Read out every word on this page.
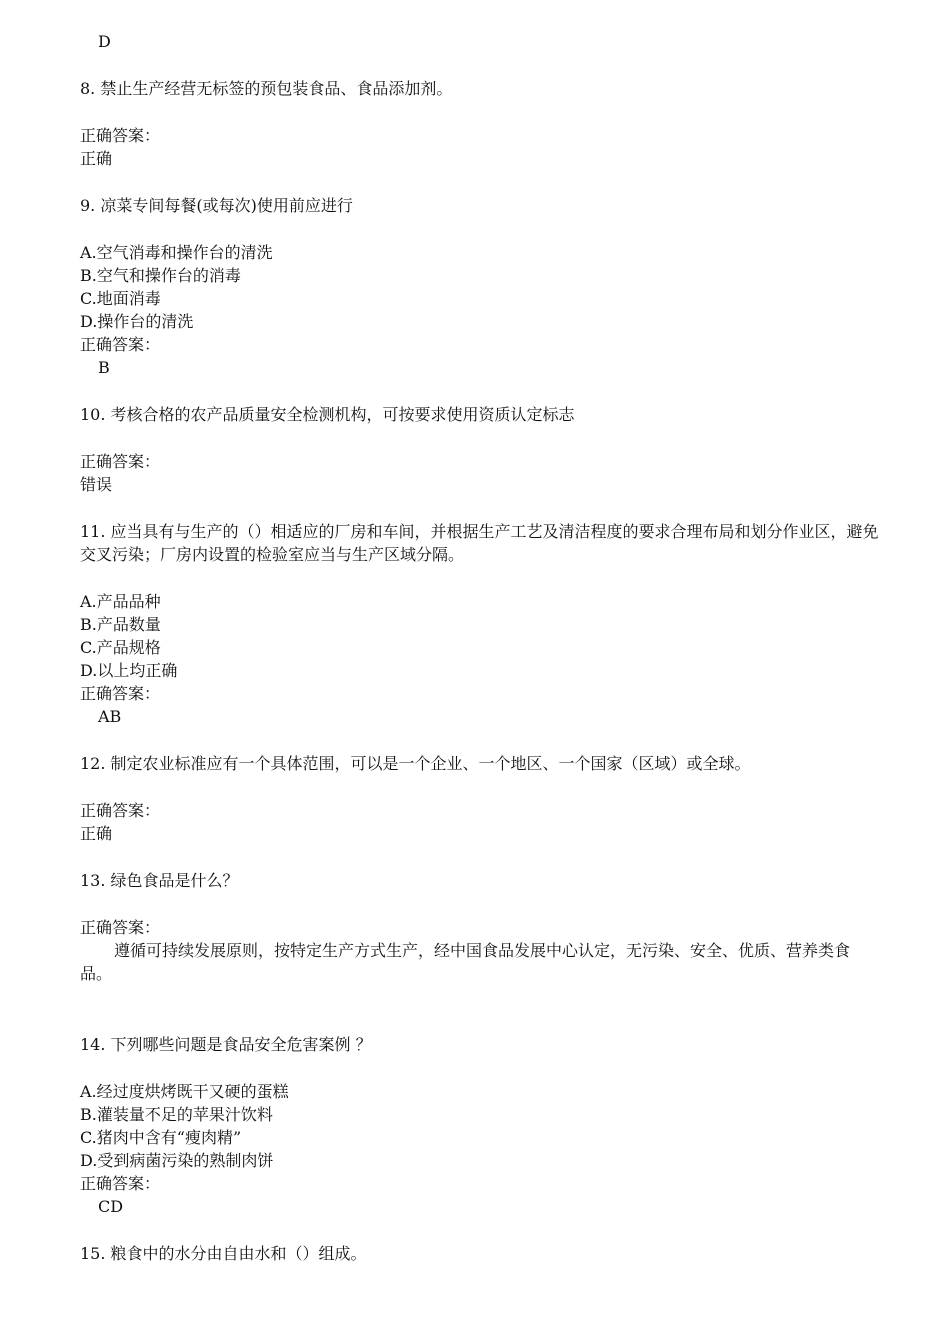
D

8. 禁止生产经营无标签的预包装食品、食品添加剂。

正确答案：

正确

9. 凉菜专间每餐(或每次)使用前应进行

A.空气消毒和操作台的清洗

B.空气和操作台的消毒

C.地面消毒

D.操作台的清洗

正确答案：

B

10. 考核合格的农产品质量安全检测机构，可按要求使用资质认定标志

正确答案：

错误

11. 应当具有与生产的（）相适应的厂房和车间，并根据生产工艺及清洁程度的要求合理布局和划分作业区，避免交叉污染；厂房内设置的检验室应当与生产区域分隔。

A.产品品种

B.产品数量

C.产品规格

D.以上均正确

正确答案：

AB

12. 制定农业标准应有一个具体范围，可以是一个企业、一个地区、一个国家（区域）或全球。

正确答案：

正确

13. 绿色食品是什么？

正确答案：

遵循可持续发展原则，按特定生产方式生产，经中国食品发展中心认定，无污染、安全、优质、营养类食品。

14. 下列哪些问题是食品安全危害案例 ？

A.经过度烘烤既干又硬的蛋糕

B.灌装量不足的苹果汁饮料

C.猪肉中含有“瘦肉精”

D.受到病菌污染的熟制肉饼

正确答案：

CD

15. 粮食中的水分由自由水和（）组成。
